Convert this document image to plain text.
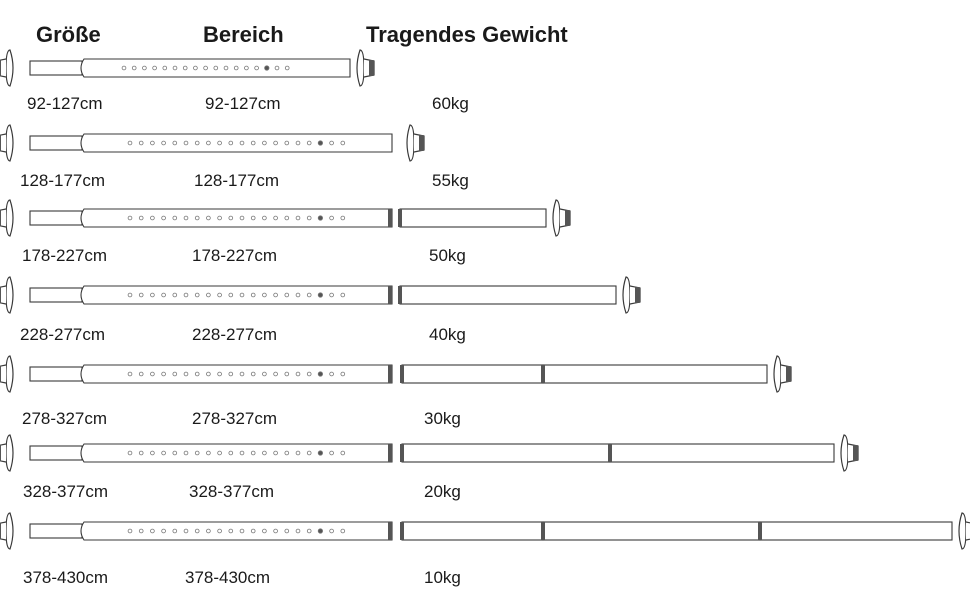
Größe	Bereich	Tragendes Gewicht
92-127cm	92-127cm	60kg
128-177cm	128-177cm	55kg
178-227cm	178-227cm	50kg
228-277cm	228-277cm	40kg
278-327cm	278-327cm	30kg
328-377cm	328-377cm	20kg
378-430cm	378-430cm	10kg
